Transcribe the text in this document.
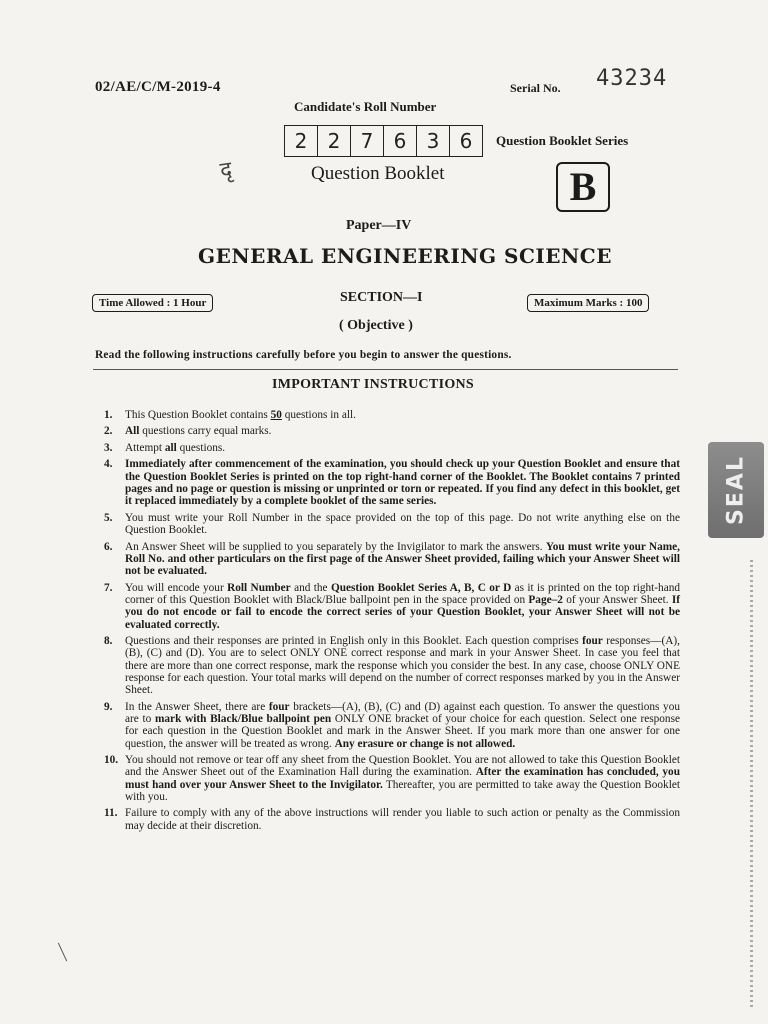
02/AE/C/M-2019-4	Serial No. 43234
Candidate's Roll Number
2	2	7	6	3	6	Question Booklet Series
दृ	Question Booklet	B
Paper—IV
GENERAL ENGINEERING SCIENCE
Time Allowed : 1 Hour	SECTION—I	Maximum Marks : 100
( Objective )
Read the following instructions carefully before you begin to answer the questions.
IMPORTANT INSTRUCTIONS
1. This Question Booklet contains 50 questions in all.
2. All questions carry equal marks.
3. Attempt all questions.
4. Immediately after commencement of the examination, you should check up your Question Booklet and ensure that the Question Booklet Series is printed on the top right-hand corner of the Booklet. The Booklet contains 7 printed pages and no page or question is missing or unprinted or torn or repeated. If you find any defect in this booklet, get it replaced immediately by a complete booklet of the same series.
5. You must write your Roll Number in the space provided on the top of this page. Do not write anything else on the Question Booklet.
6. An Answer Sheet will be supplied to you separately by the Invigilator to mark the answers. You must write your Name, Roll No. and other particulars on the first page of the Answer Sheet provided, failing which your Answer Sheet will not be evaluated.
7. You will encode your Roll Number and the Question Booklet Series A, B, C or D as it is printed on the top right-hand corner of this Question Booklet with Black/Blue ballpoint pen in the space provided on Page–2 of your Answer Sheet. If you do not encode or fail to encode the correct series of your Question Booklet, your Answer Sheet will not be evaluated correctly.
8. Questions and their responses are printed in English only in this Booklet. Each question comprises four responses—(A), (B), (C) and (D). You are to select ONLY ONE correct response and mark in your Answer Sheet. In case you feel that there are more than one correct response, mark the response which you consider the best. In any case, choose ONLY ONE response for each question. Your total marks will depend on the number of correct responses marked by you in the Answer Sheet.
9. In the Answer Sheet, there are four brackets—(A), (B), (C) and (D) against each question. To answer the questions you are to mark with Black/Blue ballpoint pen ONLY ONE bracket of your choice for each question. Select one response for each question in the Question Booklet and mark in the Answer Sheet. If you mark more than one answer for one question, the answer will be treated as wrong. Any erasure or change is not allowed.
10. You should not remove or tear off any sheet from the Question Booklet. You are not allowed to take this Question Booklet and the Answer Sheet out of the Examination Hall during the examination. After the examination has concluded, you must hand over your Answer Sheet to the Invigilator. Thereafter, you are permitted to take away the Question Booklet with you.
11. Failure to comply with any of the above instructions will render you liable to such action or penalty as the Commission may decide at their discretion.
SEAL
